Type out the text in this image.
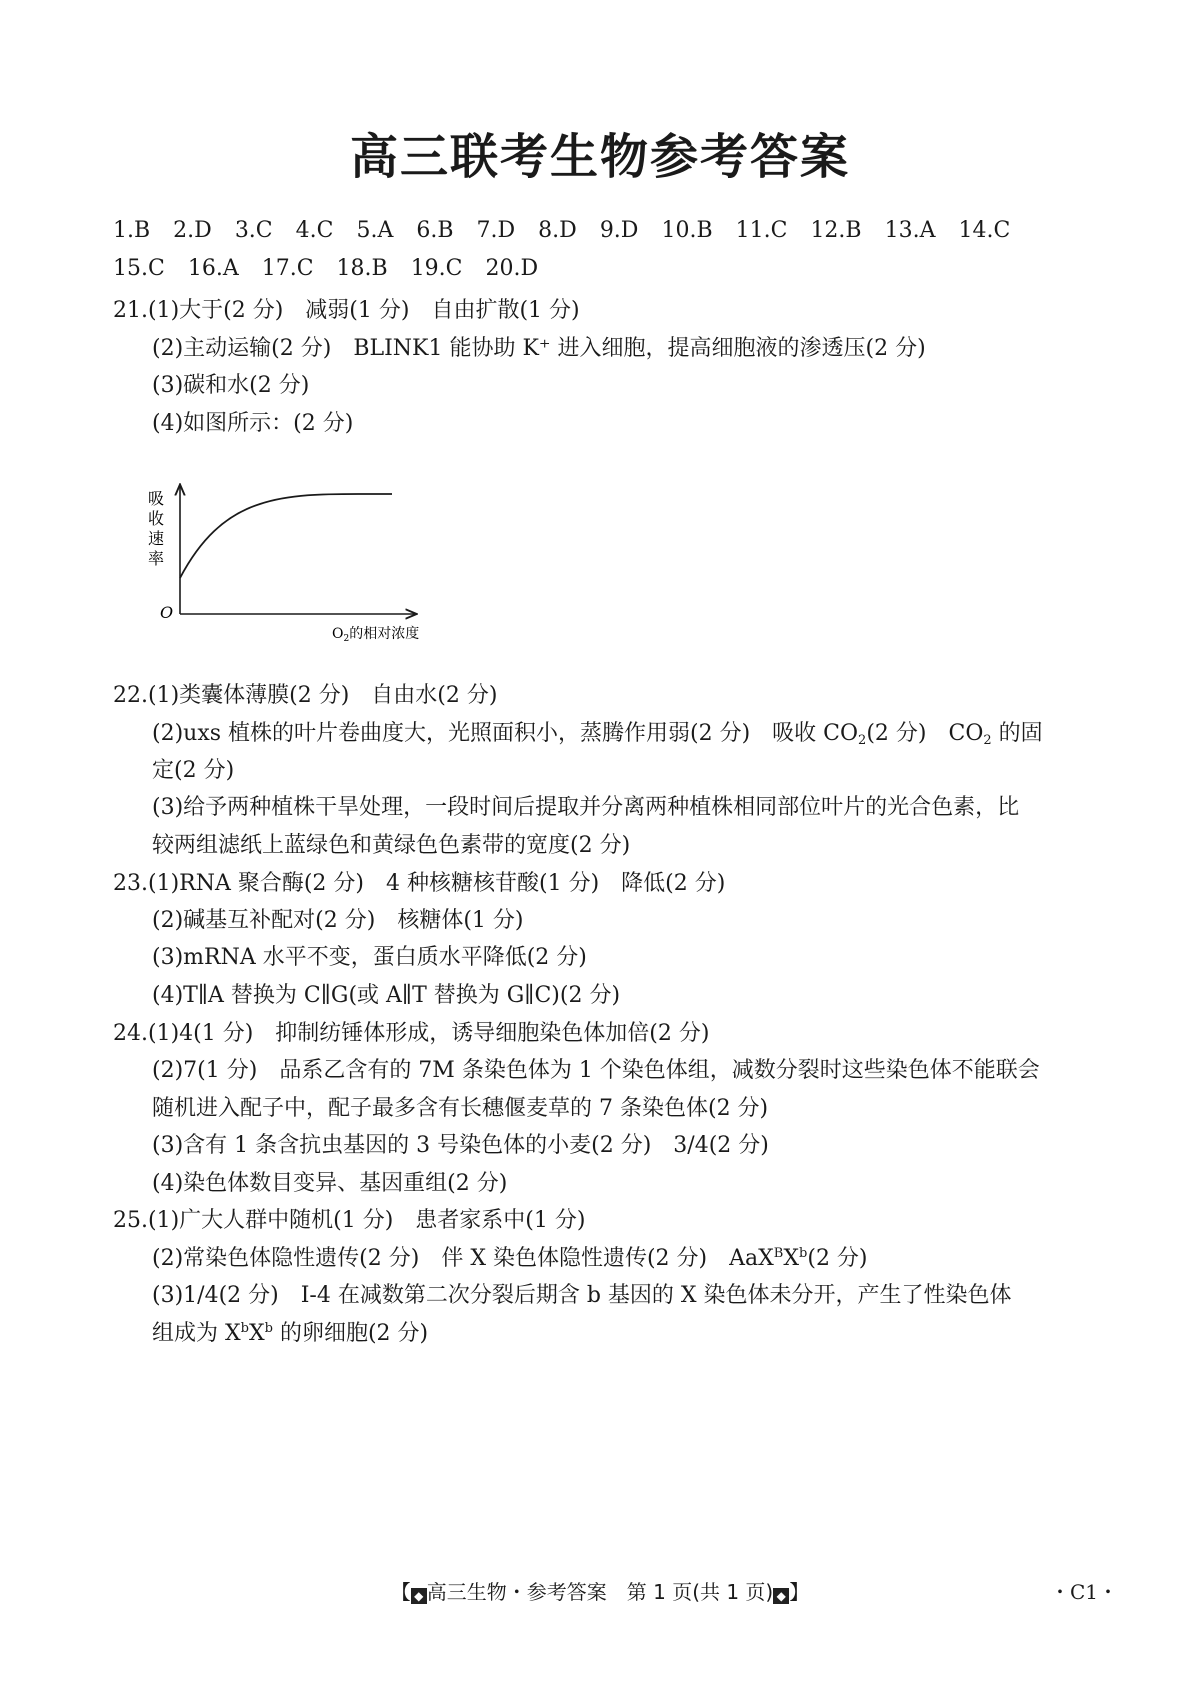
高三联考生物参考答案
1.B 2.D 3.C 4.C 5.A 6.B 7.D 8.D 9.D 10.B 11.C 12.B 13.A 14.C
15.C 16.A 17.C 18.B 19.C 20.D
21.(1)大于(2 分)　减弱(1 分)　自由扩散(1 分)
(2)主动运输(2 分)　BLINK1 能协助 K⁺ 进入细胞，提高细胞液的渗透压(2 分)
(3)碳和水(2 分)
(4)如图所示：(2 分)
吸
收
速
率
O
$O_2$的相对浓度
22.(1)类囊体薄膜(2 分)　自由水(2 分)
(2)uxs 植株的叶片卷曲度大，光照面积小，蒸腾作用弱(2 分)　吸收 $CO_2(2$ 分)　$CO_2$ 的固
定(2 分)
(3)给予两种植株干旱处理，一段时间后提取并分离两种植株相同部位叶片的光合色素，比
较两组滤纸上蓝绿色和黄绿色色素带的宽度(2 分)
23.(1)RNA 聚合酶(2 分)　4 种核糖核苷酸(1 分)　降低(2 分)
(2)碱基互补配对(2 分)　核糖体(1 分)
(3)mRNA 水平不变，蛋白质水平降低(2 分)
(4)T∥A 替换为 C∥G(或 A∥T 替换为 G∥C)(2 分)
24.(1)4(1 分)　抑制纺锤体形成，诱导细胞染色体加倍(2 分)
(2)7(1 分)　品系乙含有的 7M 条染色体为 1 个染色体组，减数分裂时这些染色体不能联会
随机进入配子中，配子最多含有长穗偃麦草的 7 条染色体(2 分)
(3)含有 1 条含抗虫基因的 3 号染色体的小麦(2 分)　3/4(2 分)
(4)染色体数目变异、基因重组(2 分)
25.(1)广大人群中随机(1 分)　患者家系中(1 分)
(2)常染色体隐性遗传(2 分)　伴 X 染色体隐性遗传(2 分)　$AaX^BX^b(2$ 分)
(3)1/4(2 分)　Ⅰ-4 在减数第二次分裂后期含 b 基因的 X 染色体未分开，产生了性染色体
组成为 $X^bX^b$ 的卵细胞(2 分)
【 ◆ 高三生物・参考答案　第 1 页(共 1 页) ◆ 】	・C1・
